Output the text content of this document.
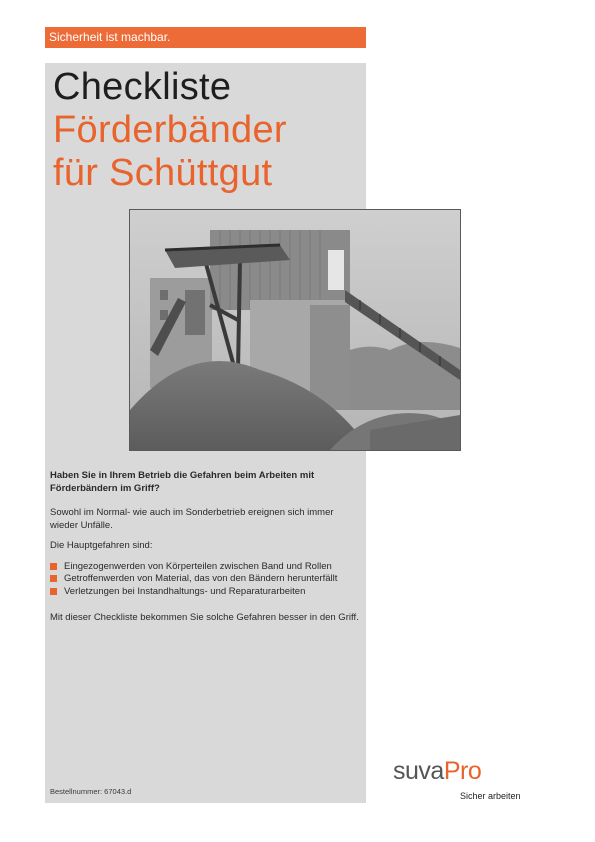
Sicherheit ist machbar.
Checkliste
Förderbänder
für Schüttgut

Haben Sie in Ihrem Betrieb die Gefahren beim Arbeiten mit Förderbändern im Griff?

Sowohl im Normal- wie auch im Sonderbetrieb ereignen sich immer wieder Unfälle.

Die Hauptgefahren sind:

Eingezogenwerden von Körperteilen zwischen Band und Rollen
Getroffenwerden von Material, das von den Bändern herunterfällt
Verletzungen bei Instandhaltungs- und Reparaturarbeiten

Mit dieser Checkliste bekommen Sie solche Gefahren besser in den Griff.

Bestellnummer: 67043.d
suvaPro
Sicher arbeiten
